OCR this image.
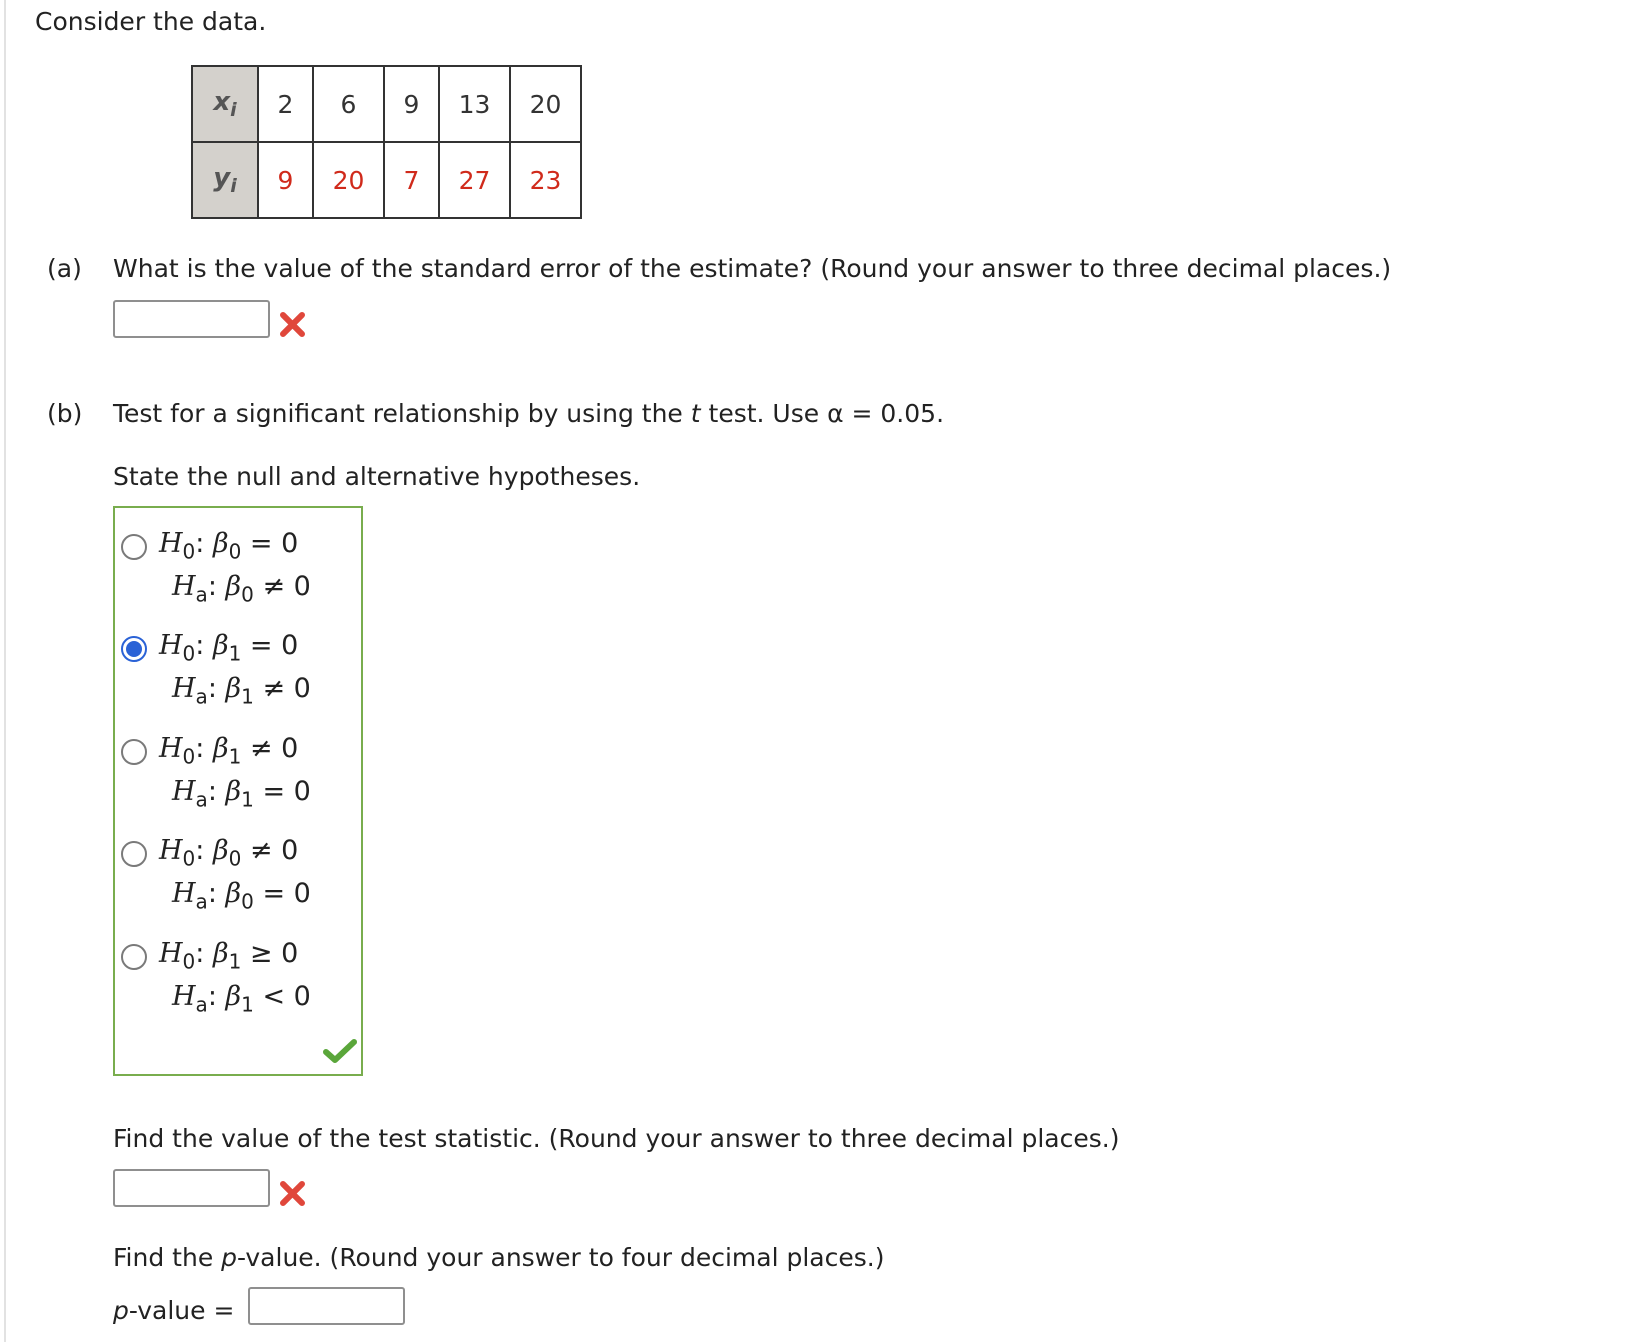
Consider the data.
$x_i$	2	6	9	13	20
$y_i$	9	20	7	27	23
(a) What is the value of the standard error of the estimate? (Round your answer to three decimal places.)
(b) Test for a significant relationship by using the t test. Use α = 0.05.
State the null and alternative hypotheses.
$H_0$: $\beta_0 = 0$
$H_a$: $\beta_0 \ne 0$
$H_0$: $\beta_1 = 0$
$H_a$: $\beta_1 \ne 0$
$H_0$: $\beta_1 \ne 0$
$H_a$: $\beta_1 = 0$
$H_0$: $\beta_0 \ne 0$
$H_a$: $\beta_0 = 0$
$H_0$: $\beta_1 \ge 0$
$H_a$: $\beta_1 < 0$
Find the value of the test statistic. (Round your answer to three decimal places.)
Find the p-value. (Round your answer to four decimal places.)
p-value =
